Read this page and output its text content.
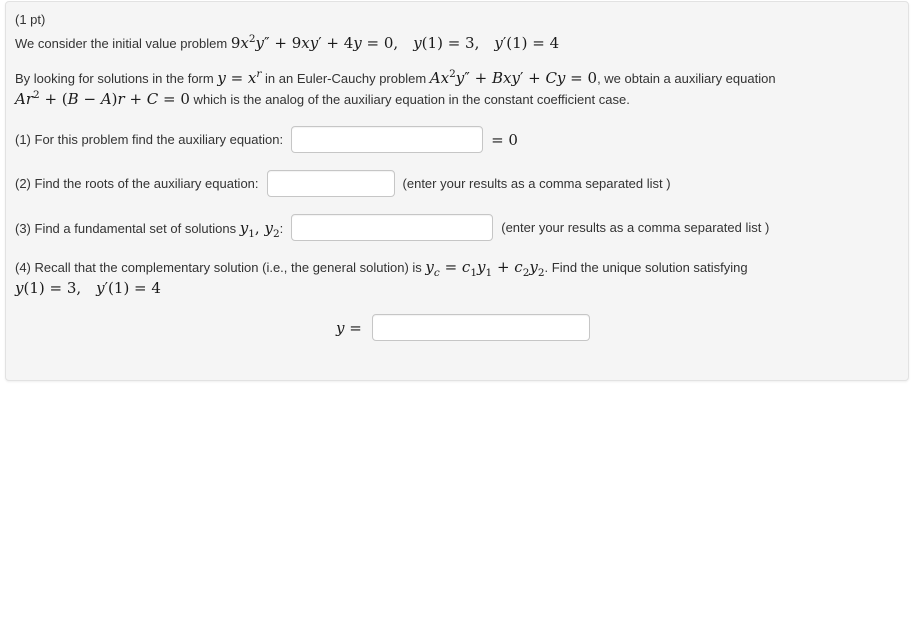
(1 pt)
We consider the initial value problem $9x^2y'' + 9xy' + 4y = 0$,  y(1) = 3,  y′(1) = 4

By looking for solutions in the form $y = x^r$ in an Euler-Cauchy problem $Ax^2y'' + Bxy' + Cy = 0$, we obtain a auxiliary equation
$Ar^2 + (B - A)r + C = 0$ which is the analog of the auxiliary equation in the constant coefficient case.

(1) For this problem find the auxiliary equation:	= 0
(2) Find the roots of the auxiliary equation:	(enter your results as a comma separated list )
(3) Find a fundamental set of solutions $y_1$, $y_2$:	(enter your results as a comma separated list )

(4) Recall that the complementary solution (i.e., the general solution) is $y_c = c_1y_1 + c_2y_2$. Find the unique solution satisfying
y(1) = 3,  y′(1) = 4

y =
